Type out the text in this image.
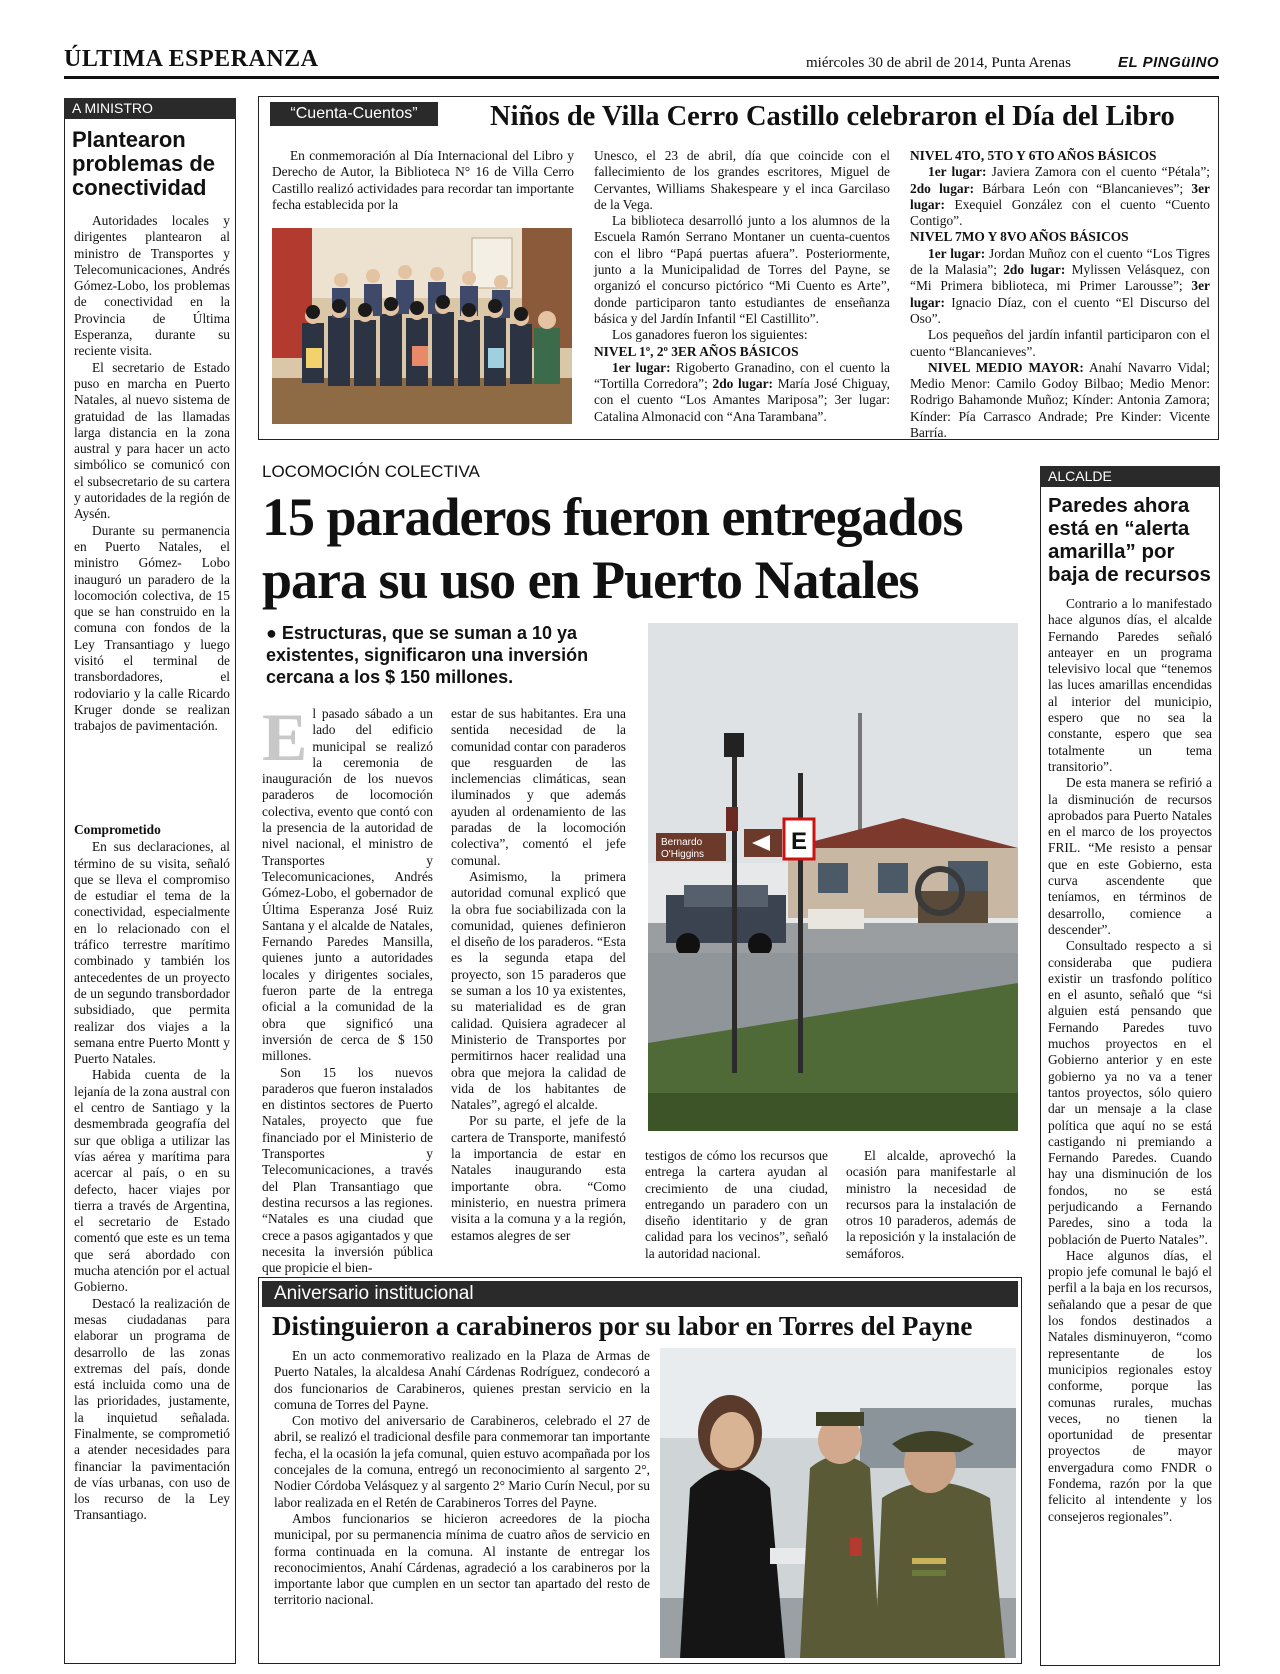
ÚLTIMA ESPERANZA	miércoles 30 de abril de 2014, Punta Arenas	EL PINGüINO
A MINISTRO
Plantearon problemas de conectividad

Autoridades locales y dirigentes plantearon al ministro de Transportes y Telecomunicaciones, Andrés Gómez-Lobo, los problemas de conectividad en la Provincia de Última Esperanza, durante su reciente visita.

El secretario de Estado puso en marcha en Puerto Natales, al nuevo sistema de gratuidad de las llamadas larga distancia en la zona austral y para hacer un acto simbólico se comunicó con el subsecretario de su cartera y autoridades de la región de Aysén.

Durante su permanencia en Puerto Natales, el ministro Gómez- Lobo inauguró un paradero de la locomoción colectiva, de 15 que se han construido en la comuna con fondos de la Ley Transantiago y luego visitó el terminal de transbordadores, el rodoviario y la calle Ricardo Kruger donde se realizan trabajos de pavimentación.

Comprometido

En sus declaraciones, al término de su visita, señaló que se lleva el compromiso de estudiar el tema de la conectividad, especialmente en lo relacionado con el tráfico terrestre marítimo combinado y también los antecedentes de un proyecto de un segundo transbordador subsidiado, que permita realizar dos viajes a la semana entre Puerto Montt y Puerto Natales.

Habida cuenta de la lejanía de la zona austral con el centro de Santiago y la desmembrada geografía del sur que obliga a utilizar las vías aérea y marítima para acercar al país, o en su defecto, hacer viajes por tierra a través de Argentina, el secretario de Estado comentó que este es un tema que será abordado con mucha atención por el actual Gobierno.

Destacó la realización de mesas ciudadanas para elaborar un programa de desarrollo de las zonas extremas del país, donde está incluida como una de las prioridades, justamente, la inquietud señalada. Finalmente, se comprometió a atender necesidades para financiar la pavimentación de vías urbanas, con uso de los recurso de la Ley Transantiago.

“Cuenta-Cuentos”	Niños de Villa Cerro Castillo celebraron el Día del Libro

En conmemoración al Día Internacional del Libro y Derecho de Autor, la Biblioteca N° 16 de Villa Cerro Castillo realizó actividades para recordar tan importante fecha establecida por la

Unesco, el 23 de abril, día que coincide con el fallecimiento de los grandes escritores, Miguel de Cervantes, Williams Shakespeare y el inca Garcilaso de la Vega.

La biblioteca desarrolló junto a los alumnos de la Escuela Ramón Serrano Montaner un cuenta-cuentos con el libro “Papá puertas afuera”. Posteriormente, junto a la Municipalidad de Torres del Payne, se organizó el concurso pictórico “Mi Cuento es Arte”, donde participaron tanto estudiantes de enseñanza básica y del Jardín Infantil “El Castillito”.

Los ganadores fueron los siguientes:

NIVEL 1º, 2º 3ER AÑOS BÁSICOS

1er lugar: Rigoberto Granadino, con el cuento la “Tortilla Corredora”; 2do lugar: María José Chiguay, con el cuento “Los Amantes Mariposa”; 3er lugar: Catalina Almonacid con “Ana Tarambana”.

NIVEL 4TO, 5TO Y 6TO AÑOS BÁSICOS

1er lugar: Javiera Zamora con el cuento “Pétala”; 2do lugar: Bárbara León con “Blancanieves”; 3er lugar: Exequiel González con el cuento “Cuento Contigo”.

NIVEL 7MO Y 8VO AÑOS BÁSICOS

1er lugar: Jordan Muñoz con el cuento “Los Tigres de la Malasia”; 2do lugar: Mylissen Velásquez, con “Mi Primera biblioteca, mi Primer Larousse”; 3er lugar: Ignacio Díaz, con el cuento “El Discurso del Oso”.

Los pequeños del jardín infantil participaron con el cuento “Blancanieves”.

NIVEL MEDIO MAYOR: Anahí Navarro Vidal; Medio Menor: Camilo Godoy Bilbao; Medio Menor: Rodrigo Bahamonde Muñoz; Kínder: Antonia Zamora; Kínder: Pía Carrasco Andrade; Pre Kinder: Vicente Barría.

LOCOMOCIÓN COLECTIVA
15 paraderos fueron entregados
para su uso en Puerto Natales
● Estructuras, que se suman a 10 ya existentes, significaron una inversión cercana a los $ 150 millones.

El pasado sábado a un lado del edificio municipal se realizó la ceremonia de inauguración de los nuevos paraderos de locomoción colectiva, evento que contó con la presencia de la autoridad de nivel nacional, el ministro de Transportes y Telecomunicaciones, Andrés Gómez-Lobo, el gobernador de Última Esperanza José Ruiz Santana y el alcalde de Natales, Fernando Paredes Mansilla, quienes junto a autoridades locales y dirigentes sociales, fueron parte de la entrega oficial a la comunidad de la obra que significó una inversión de cerca de $ 150 millones.

Son 15 los nuevos paraderos que fueron instalados en distintos sectores de Puerto Natales, proyecto que fue financiado por el Ministerio de Transportes y Telecomunicaciones, a través del Plan Transantiago que destina recursos a las regiones. “Natales es una ciudad que crece a pasos agigantados y que necesita la inversión pública que propicie el bien-

estar de sus habitantes. Era una sentida necesidad de la comunidad contar con paraderos que resguarden de las inclemencias climáticas, sean iluminados y que además ayuden al ordenamiento de las paradas de la locomoción colectiva”, comentó el jefe comunal.

Asimismo, la primera autoridad comunal explicó que la obra fue sociabilizada con la comunidad, quienes definieron el diseño de los paraderos. “Esta es la segunda etapa del proyecto, son 15 paraderos que se suman a los 10 ya existentes, su materialidad es de gran calidad. Quisiera agradecer al Ministerio de Transportes por permitirnos hacer realidad una obra que mejora la calidad de vida de los habitantes de Natales”, agregó el alcalde.

Por su parte, el jefe de la cartera de Transporte, manifestó la importancia de estar en Natales inaugurando esta importante obra. “Como ministerio, en nuestra primera visita a la comuna y a la región, estamos alegres de ser

Bernardo
O'Higgins	E

testigos de cómo los recursos que entrega la cartera ayudan al crecimiento de una ciudad, entregando un paradero con un diseño identitario y de gran calidad para los vecinos”, señaló la autoridad nacional.

El alcalde, aprovechó la ocasión para manifestarle al ministro la necesidad de recursos para la instalación de otros 10 paraderos, además de la reposición y la instalación de semáforos.

ALCALDE
Paredes ahora está en “alerta amarilla” por baja de recursos

Contrario a lo manifestado hace algunos días, el alcalde Fernando Paredes señaló anteayer en un programa televisivo local que “tenemos las luces amarillas encendidas al interior del municipio, espero que no sea la constante, espero que sea totalmente un tema transitorio”.

De esta manera se refirió a la disminución de recursos aprobados para Puerto Natales en el marco de los proyectos FRIL. “Me resisto a pensar que en este Gobierno, esta curva ascendente que teníamos, en términos de desarrollo, comience a descender”.

Consultado respecto a si consideraba que pudiera existir un trasfondo político en el asunto, señaló que “si alguien está pensando que Fernando Paredes tuvo muchos proyectos en el Gobierno anterior y en este gobierno ya no va a tener tantos proyectos, sólo quiero dar un mensaje a la clase política que aquí no se está castigando ni premiando a Fernando Paredes. Cuando hay una disminución de los fondos, no se está perjudicando a Fernando Paredes, sino a toda la población de Puerto Natales”.

Hace algunos días, el propio jefe comunal le bajó el perfil a la baja en los recursos, señalando que a pesar de que los fondos destinados a Natales disminuyeron, “como representante de los municipios regionales estoy conforme, porque las comunas rurales, muchas veces, no tienen la oportunidad de presentar proyectos de mayor envergadura como FNDR o Fondema, razón por la que felicito al intendente y los consejeros regionales”.

Aniversario institucional
Distinguieron a carabineros por su labor en Torres del Payne

En un acto conmemorativo realizado en la Plaza de Armas de Puerto Natales, la alcaldesa Anahí Cárdenas Rodríguez, condecoró a dos funcionarios de Carabineros, quienes prestan servicio en la comuna de Torres del Payne.

Con motivo del aniversario de Carabineros, celebrado el 27 de abril, se realizó el tradicional desfile para conmemorar tan importante fecha, el la ocasión la jefa comunal, quien estuvo acompañada por los concejales de la comuna, entregó un reconocimiento al sargento 2°, Nodier Córdoba Velásquez y al sargento 2° Mario Curín Necul, por su labor realizada en el Retén de Carabineros Torres del Payne.

Ambos funcionarios se hicieron acreedores de la piocha municipal, por su permanencia mínima de cuatro años de servicio en forma continuada en la comuna. Al instante de entregar los reconocimientos, Anahí Cárdenas, agradeció a los carabineros por la importante labor que cumplen en un sector tan apartado del resto de territorio nacional.
